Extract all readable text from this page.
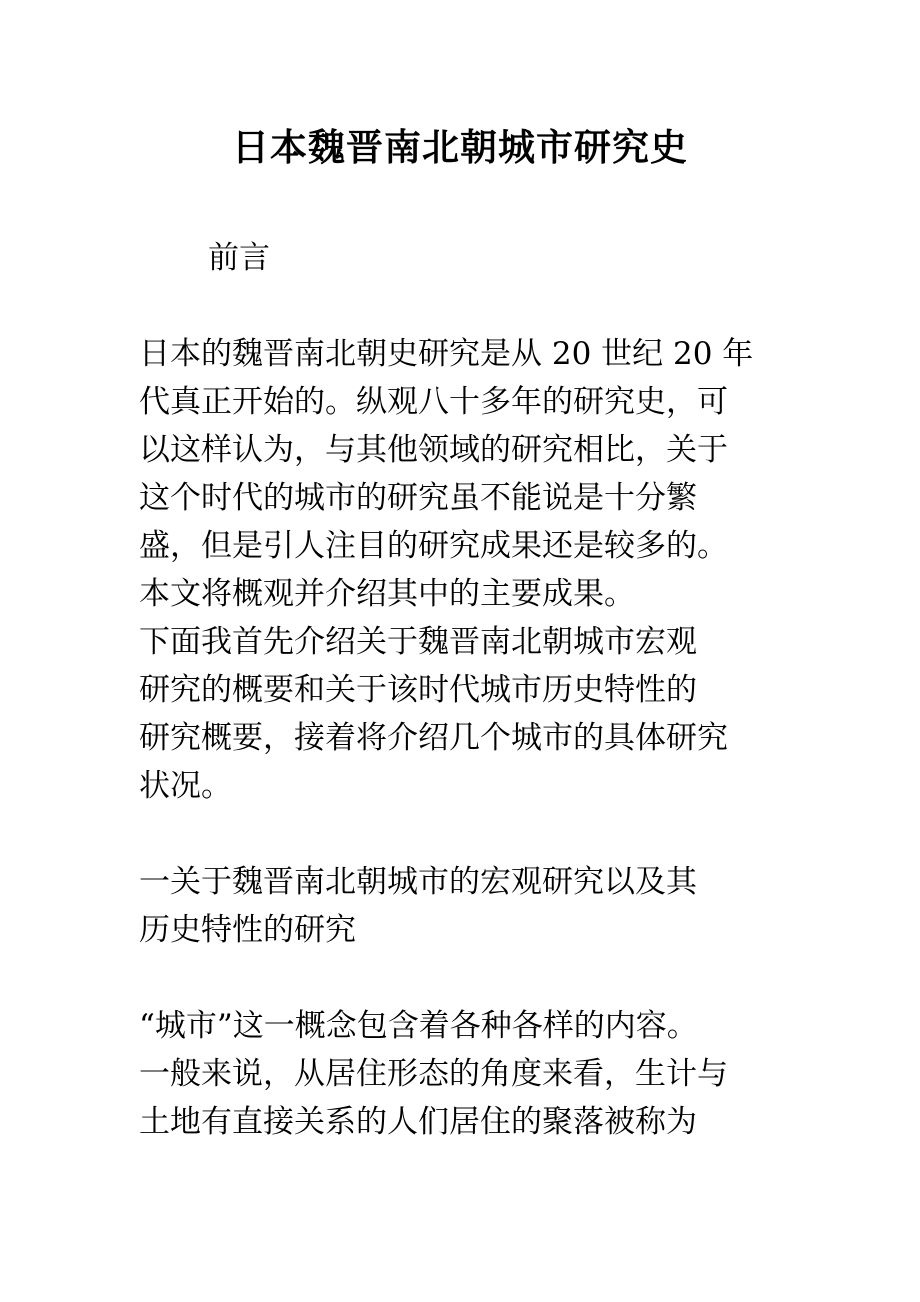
日本魏晋南北朝城市研究史

前言

日本的魏晋南北朝史研究是从 20 世纪 20 年

代真正开始的。纵观八十多年的研究史，可

以这样认为，与其他领域的研究相比，关于

这个时代的城市的研究虽不能说是十分繁

盛，但是引人注目的研究成果还是较多的。

本文将概观并介绍其中的主要成果。

下面我首先介绍关于魏晋南北朝城市宏观

研究的概要和关于该时代城市历史特性的

研究概要，接着将介绍几个城市的具体研究

状况。

一关于魏晋南北朝城市的宏观研究以及其

历史特性的研究

“城市”这一概念包含着各种各样的内容。

一般来说，从居住形态的角度来看，生计与

土地有直接关系的人们居住的聚落被称为
